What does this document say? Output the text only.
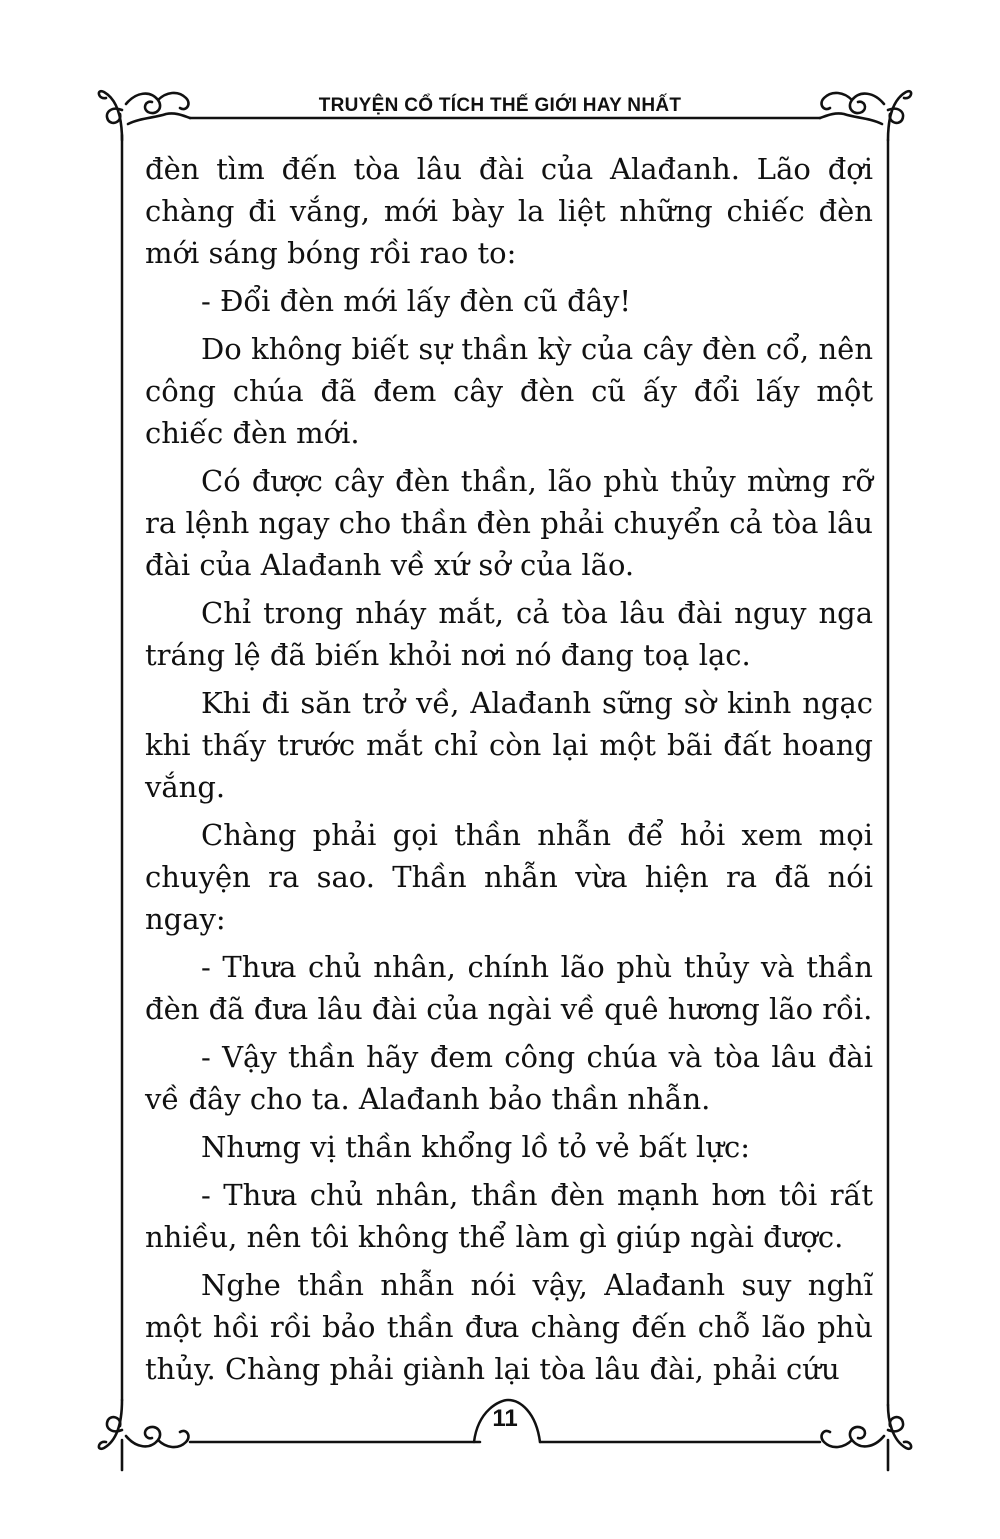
TRUYỆN CỔ TÍCH THẾ GIỚI HAY NHẤT

đèn tìm đến tòa lâu đài của Alađanh. Lão đợi chàng đi vắng, mới bày la liệt những chiếc đèn mới sáng bóng rồi rao to:

- Đổi đèn mới lấy đèn cũ đây!

Do không biết sự thần kỳ của cây đèn cổ, nên công chúa đã đem cây đèn cũ ấy đổi lấy một chiếc đèn mới.

Có được cây đèn thần, lão phù thủy mừng rỡ ra lệnh ngay cho thần đèn phải chuyển cả tòa lâu đài của Alađanh về xứ sở của lão.

Chỉ trong nháy mắt, cả tòa lâu đài nguy nga tráng lệ đã biến khỏi nơi nó đang toạ lạc.

Khi đi săn trở về, Alađanh sững sờ kinh ngạc khi thấy trước mắt chỉ còn lại một bãi đất hoang vắng.

Chàng phải gọi thần nhẫn để hỏi xem mọi chuyện ra sao. Thần nhẫn vừa hiện ra đã nói ngay:

- Thưa chủ nhân, chính lão phù thủy và thần đèn đã đưa lâu đài của ngài về quê hương lão rồi.

- Vậy thần hãy đem công chúa và tòa lâu đài về đây cho ta. Alađanh bảo thần nhẫn.

Nhưng vị thần khổng lồ tỏ vẻ bất lực:

- Thưa chủ nhân, thần đèn mạnh hơn tôi rất nhiều, nên tôi không thể làm gì giúp ngài được.

Nghe thần nhẫn nói vậy, Alađanh suy nghĩ một hồi rồi bảo thần đưa chàng đến chỗ lão phù thủy. Chàng phải giành lại tòa lâu đài, phải cứu

11
